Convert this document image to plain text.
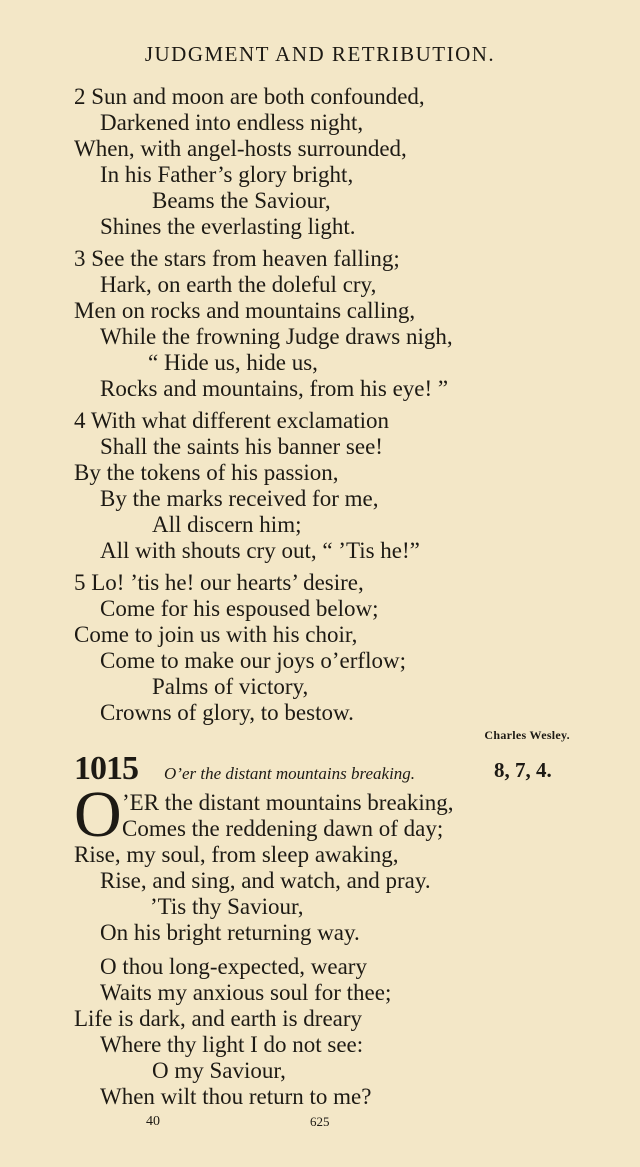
JUDGMENT AND RETRIBUTION.
2 Sun and moon are both confounded,
Darkened into endless night,
When, with angel-hosts surrounded,
In his Father’s glory bright,
Beams the Saviour,
Shines the everlasting light.
3 See the stars from heaven falling;
Hark, on earth the doleful cry,
Men on rocks and mountains calling,
While the frowning Judge draws nigh,
“ Hide us, hide us,
Rocks and mountains, from his eye! ”
4 With what different exclamation
Shall the saints his banner see!
By the tokens of his passion,
By the marks received for me,
All discern him;
All with shouts cry out, “ ’Tis he!”
5 Lo! ’tis he! our hearts’ desire,
Come for his espoused below;
Come to join us with his choir,
Come to make our joys o’erflow;
Palms of victory,
Crowns of glory, to bestow.
Charles Wesley.
1015 O’er the distant mountains breaking.	8, 7, 4.
O ’ER the distant mountains breaking,
Comes the reddening dawn of day;
Rise, my soul, from sleep awaking,
Rise, and sing, and watch, and pray.
’Tis thy Saviour,
On his bright returning way.
O thou long-expected, weary
Waits my anxious soul for thee;
Life is dark, and earth is dreary
Where thy light I do not see:
O my Saviour,
When wilt thou return to me?
40	625
